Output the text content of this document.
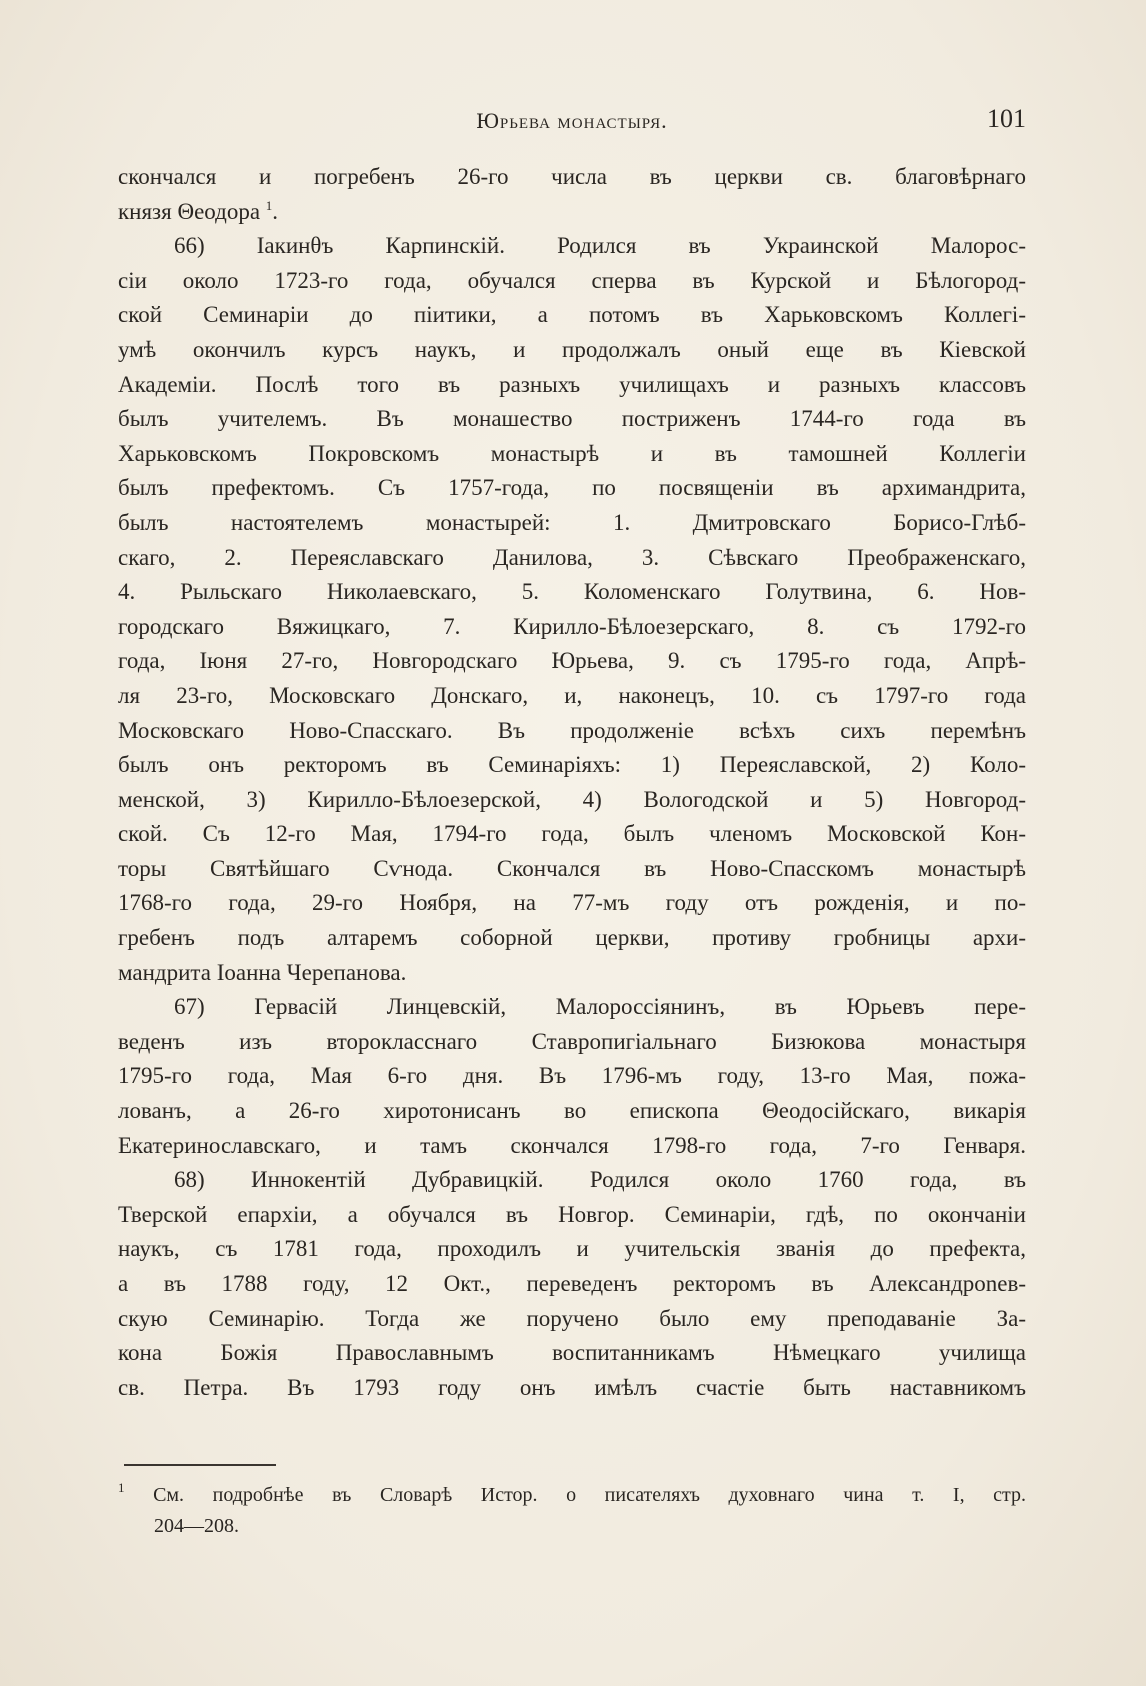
Юрьева монастыря.	101
скончался и погребенъ 26-го числа въ церкви св. благовѣрнаго
князя Θеодора $^1$.
66) Іакинθъ Карпинскій. Родился въ Украинской Малорос-
сіи около 1723-го года, обучался сперва въ Курской и Бѣлогород-
ской Семинаріи до піитики, а потомъ въ Харьковскомъ Коллегі-
умѣ окончилъ курсъ наукъ, и продолжалъ оный еще въ Кіевской
Академіи. Послѣ того въ разныхъ училищахъ и разныхъ классовъ
былъ учителемъ. Въ монашество постриженъ 1744-го года въ
Харьковскомъ Покровскомъ монастырѣ и въ тамошней Коллегіи
былъ префектомъ. Съ 1757-года, по посвященіи въ архимандрита,
былъ настоятелемъ монастырей: 1. Дмитровскаго Борисо-Глѣб-
скаго, 2. Переяславскаго Данилова, 3. Сѣвскаго Преображенскаго,
4. Рыльскаго Николаевскаго, 5. Коломенскаго Голутвина, 6. Нов-
городскаго Вяжицкаго, 7. Кирилло-Бѣлоезерскаго, 8. съ 1792-го
года, Іюня 27-го, Новгородскаго Юрьева, 9. съ 1795-го года, Апрѣ-
ля 23-го, Московскаго Донскаго, и, наконецъ, 10. съ 1797-го года
Московскаго Ново-Спасскаго. Въ продолженіе всѣхъ сихъ перемѣнъ
былъ онъ ректоромъ въ Семинаріяхъ: 1) Переяславской, 2) Коло-
менской, 3) Кирилло-Бѣлоезерской, 4) Вологодской и 5) Новгород-
ской. Съ 12-го Мая, 1794-го года, былъ членомъ Московской Кон-
торы Святѣйшаго Сѵнода. Скончался въ Ново-Спасскомъ монастырѣ
1768-го года, 29-го Ноября, на 77-мъ году отъ рожденія, и по-
гребенъ подъ алтаремъ соборной церкви, противу гробницы архи-
мандрита Іоанна Черепанова.
67) Гервасій Линцевскій, Малороссіянинъ, въ Юрьевъ пере-
веденъ изъ второкласснаго Ставропигіальнаго Бизюкова монастыря
1795-го года, Мая 6-го дня. Въ 1796-мъ году, 13-го Мая, пожа-
лованъ, а 26-го хиротонисанъ во епископа Θеодосійскаго, викарія
Екатеринославскаго, и тамъ скончался 1798-го года, 7-го Генваря.
68) Иннокентій Дубравицкій. Родился около 1760 года, въ
Тверской епархіи, а обучался въ Новгор. Семинаріи, гдѣ, по окончаніи
наукъ, съ 1781 года, проходилъ и учительскія званія до префекта,
а въ 1788 году, 12 Окт., переведенъ ректоромъ въ Александроnев-
скую Семинарію. Тогда же поручено было ему преподаваніе За-
кона Божія Православнымъ воспитанникамъ Нѣмецкаго училища
св. Петра. Въ 1793 году онъ имѣлъ счастіе быть наставникомъ
$^1$ См. подробнѣе въ Словарѣ Истор. о писателяхъ духовнаго чина т. I, стр.
204—208.
